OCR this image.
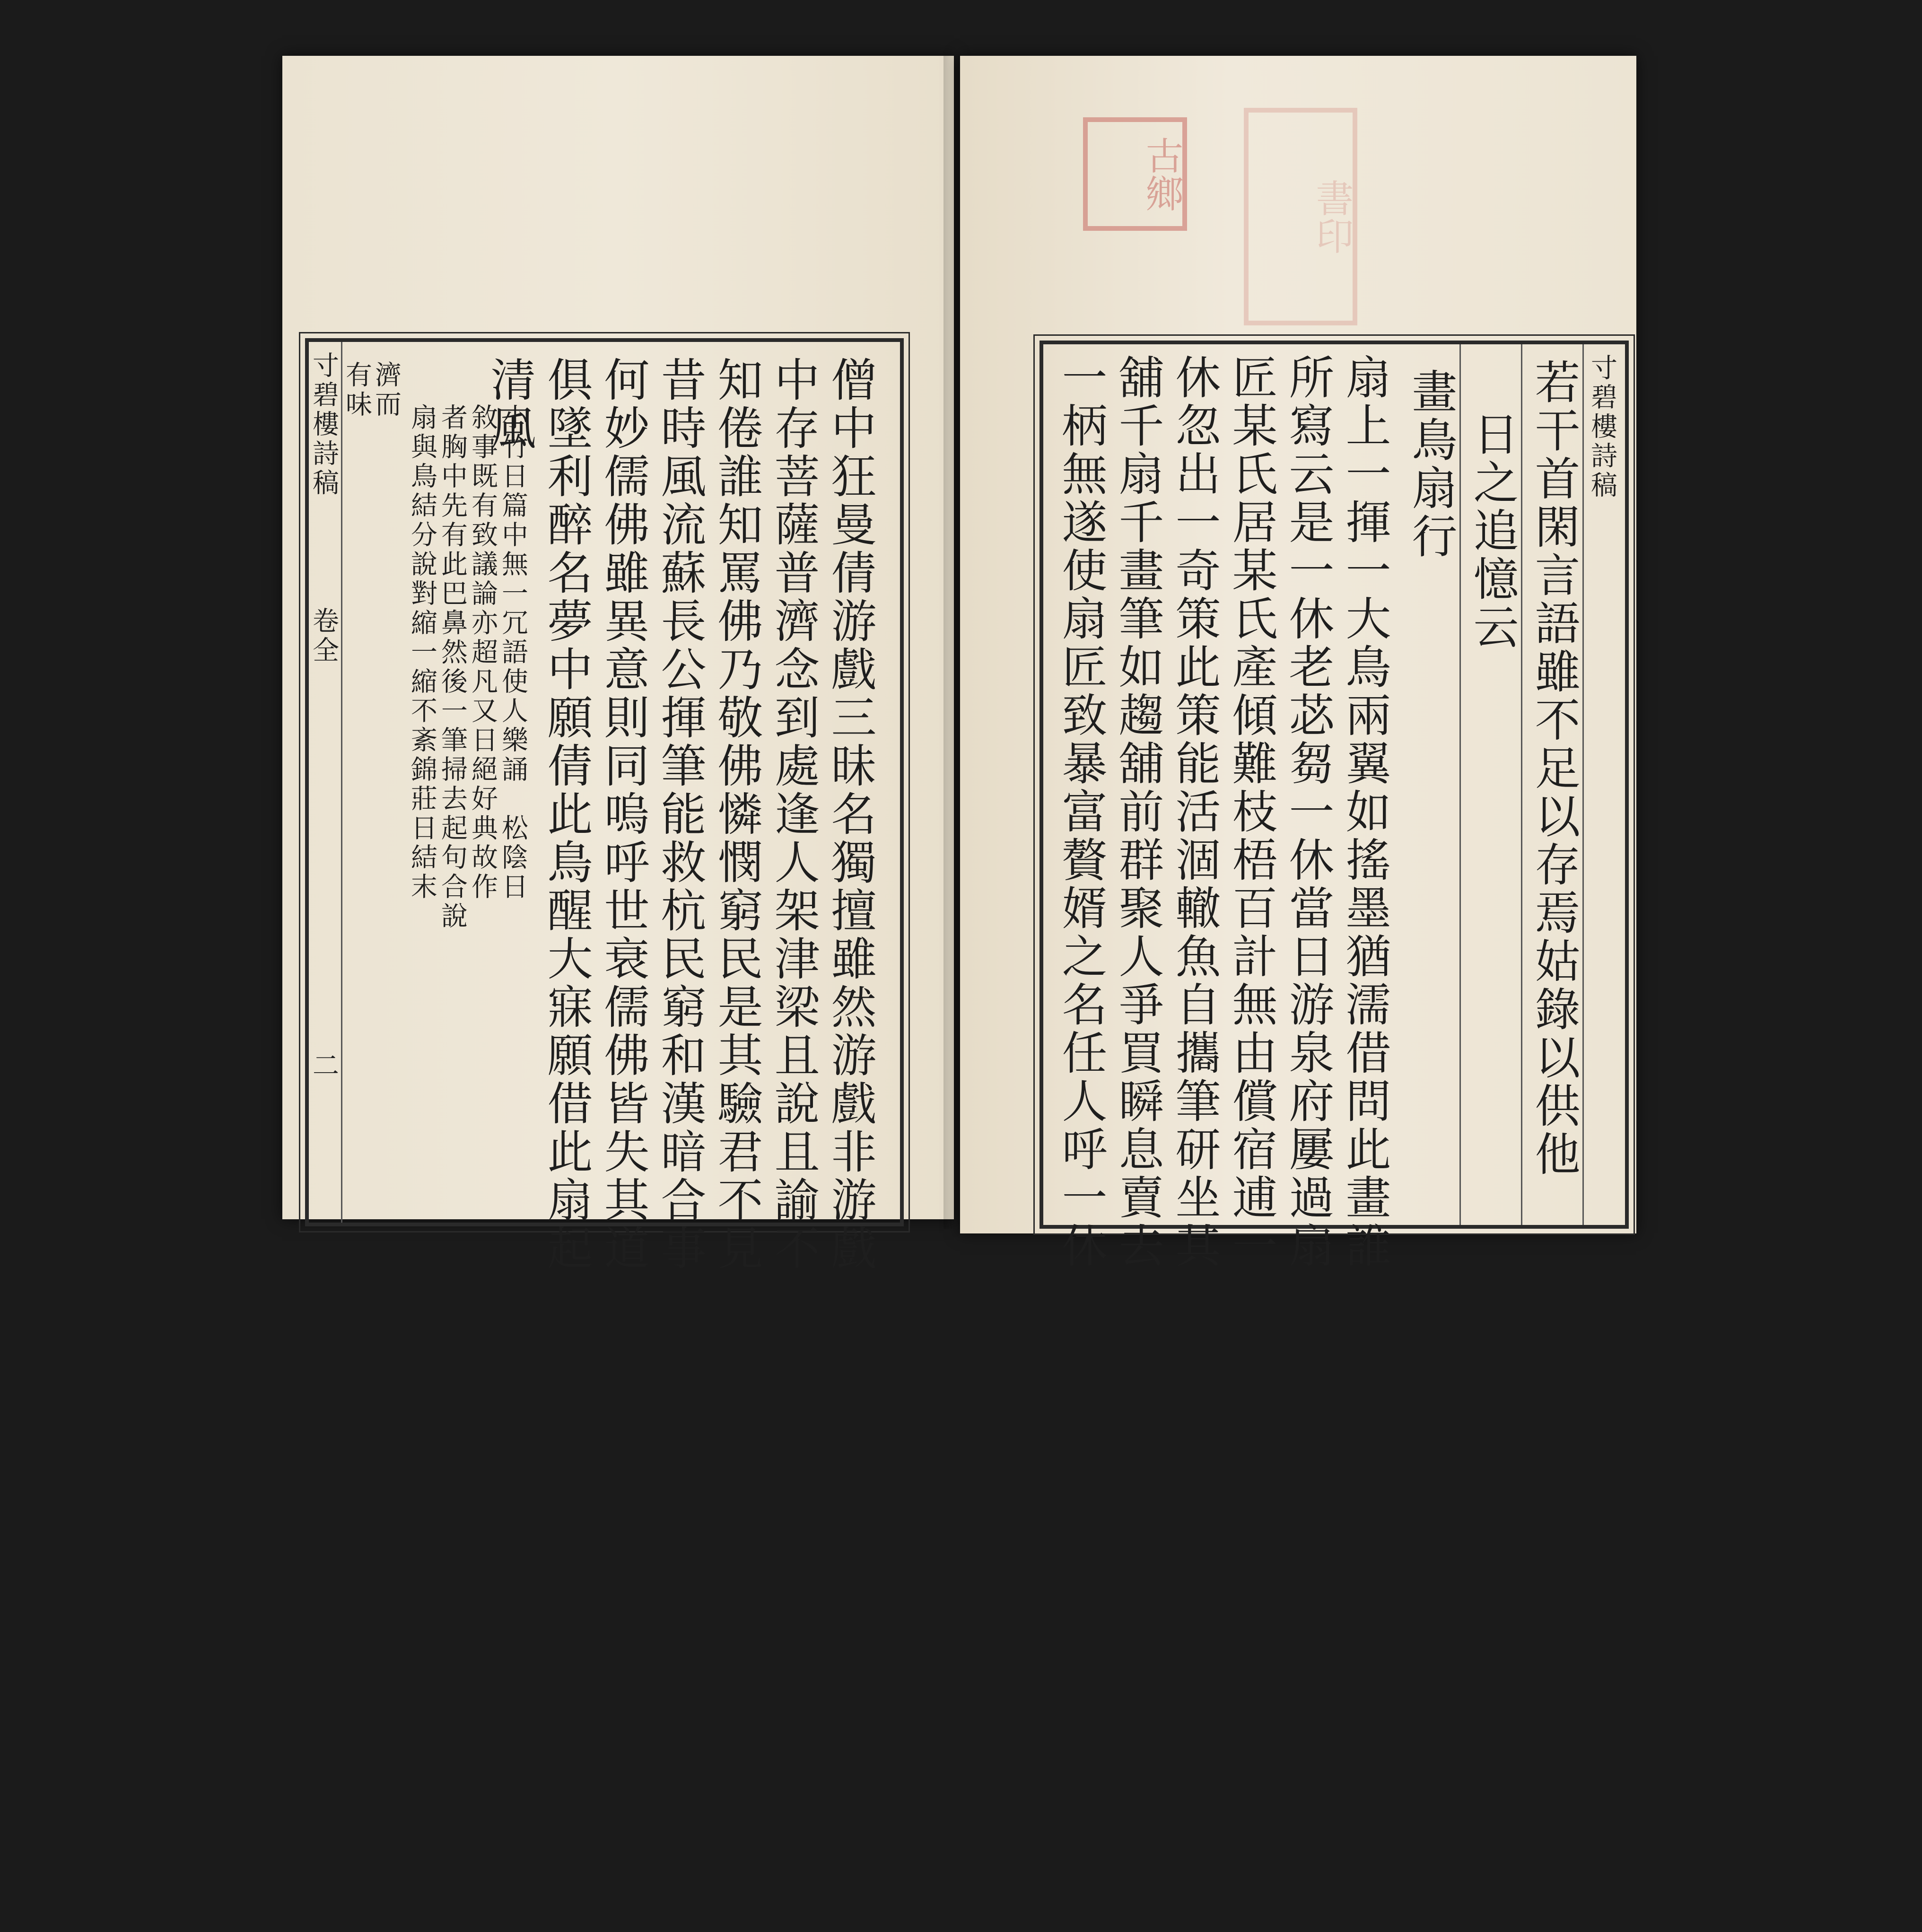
寸碧樓詩稿
卷全
二
有味
濟而
扇與鳥結分說對縮一縮不紊錦莊日結末 者胸中先有此巴鼻然後一筆掃去起句合說 敘事既有致議論亦超凡又日絕好典故作 小竹日篇中無一冗語使人樂誦　松陰日
清風 俱墜利醉名夢中願倩此鳥醒大寐願借此扇起 何妙儒佛雖異意則同嗚呼世衰儒佛皆失其道 昔時風流蘇長公揮筆能救杭民窮和漢暗合事 知倦誰知罵佛乃敬佛憐憫窮民是其驗君不見 中存菩薩普濟念到處逢人架津梁且說且諭不 僧中狂曼倩游戲三昧名獨擅雖然游戲非游戲
古鄉
書印
一柄無遂使扇匠致暴富贅婿之名任人呼一休 舖千扇千畫筆如趨舖前群聚人爭買瞬息賣去 休忽出一奇策此策能活涸轍魚自攜筆研坐其 匠某氏居某氏產傾難枝梧百計無由償宿逋一 所寫云是一休老苾芻一休當日游泉府屢過扇 扇上一揮一大鳥兩翼如搖墨猶濡借問此畫誰 畫鳥扇行 日之追憶云 若干首閑言語雖不足以存焉姑錄以供他 寸碧樓詩稿
